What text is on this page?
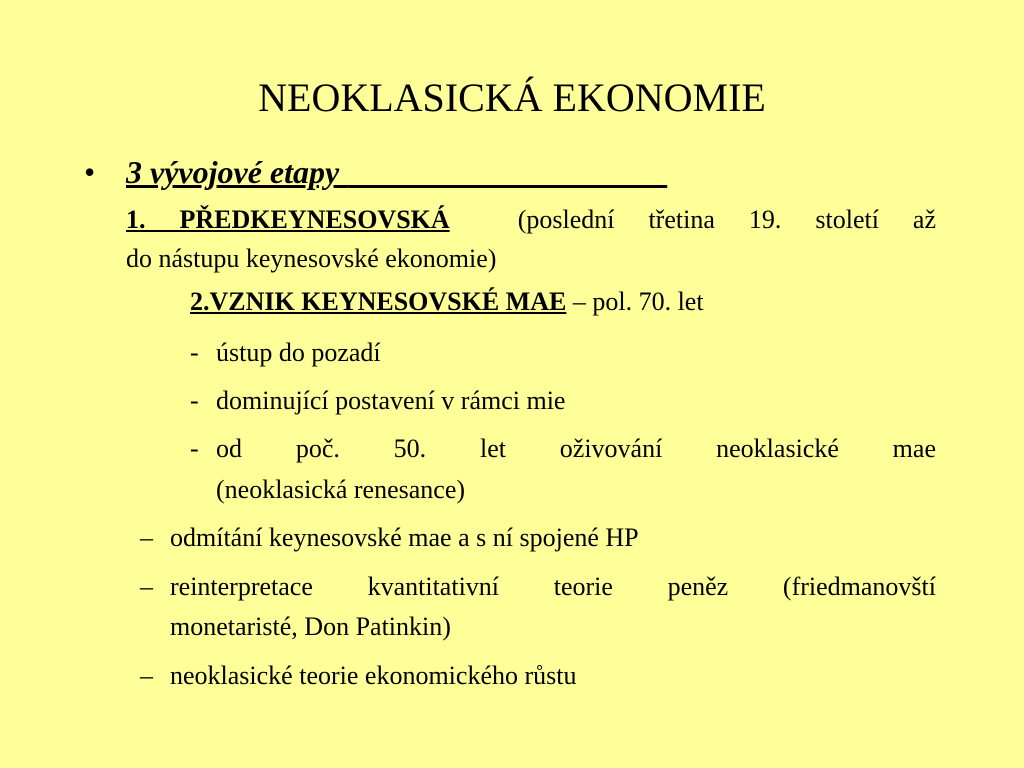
NEOKLASICKÁ EKONOMIE
• 3 vývojové etapy
1. PŘEDKEYNESOVSKÁ	(poslední třetina 19. století až
do nástupu keynesovské ekonomie)
2.VZNIK KEYNESOVSKÉ MAE – pol. 70. let
- ústup do pozadí
- dominující postavení v rámci mie
- od poč. 50. let oživování neoklasické mae
(neoklasická renesance)
– odmítání keynesovské mae a s ní spojené HP
– reinterpretace kvantitativní teorie peněz (friedmanovští
monetaristé, Don Patinkin)
– neoklasické teorie ekonomického růstu
